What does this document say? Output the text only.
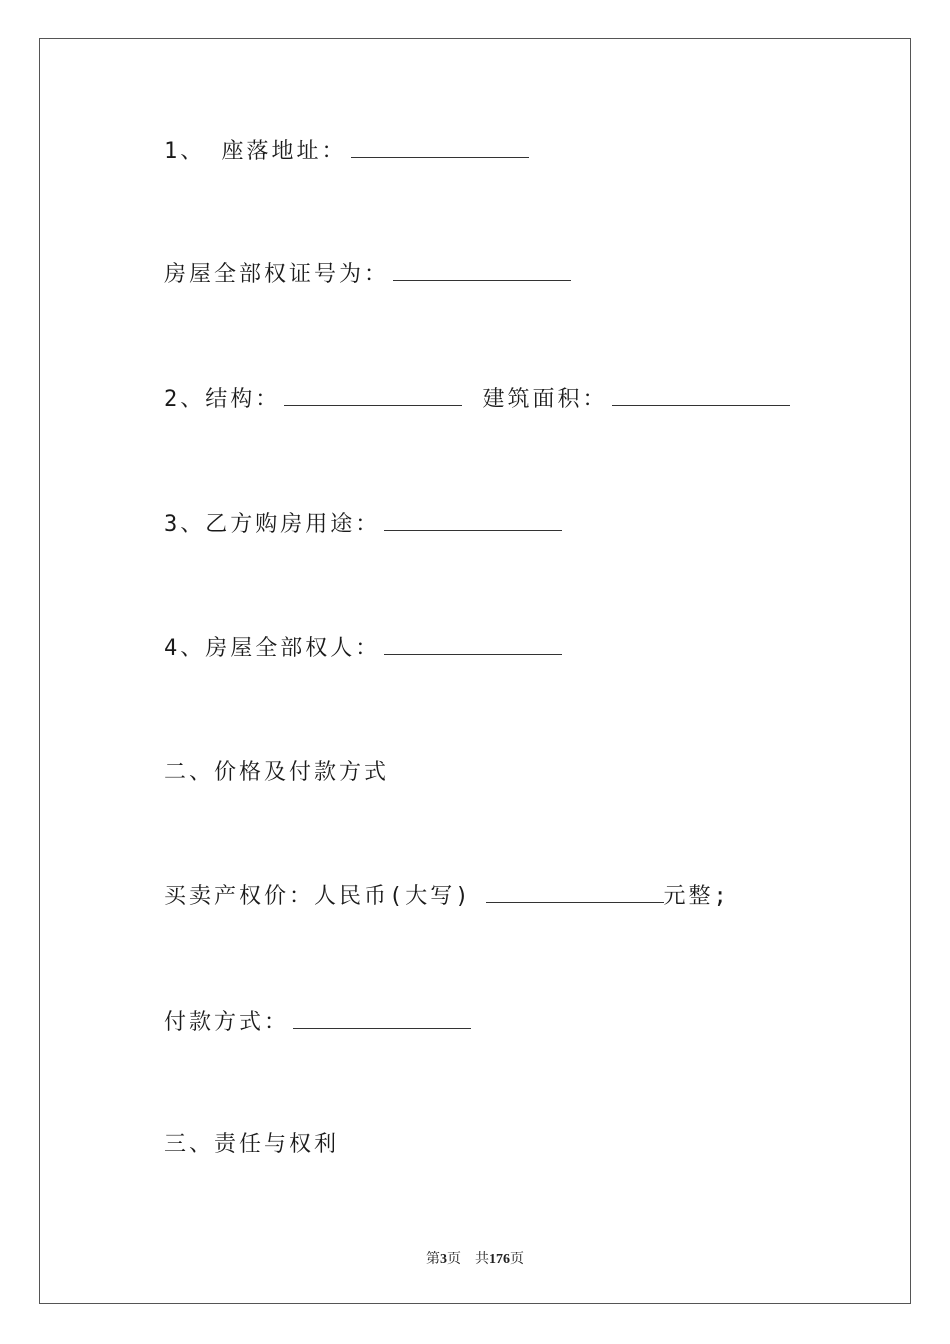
1、 座落地址：
房屋全部权证号为：
2、结构：	建筑面积：
3、乙方购房用途：
4、房屋全部权人：
二、价格及付款方式
买卖产权价：人民币(大写)	元整;
付款方式：
三、责任与权利
第3页 共176页
